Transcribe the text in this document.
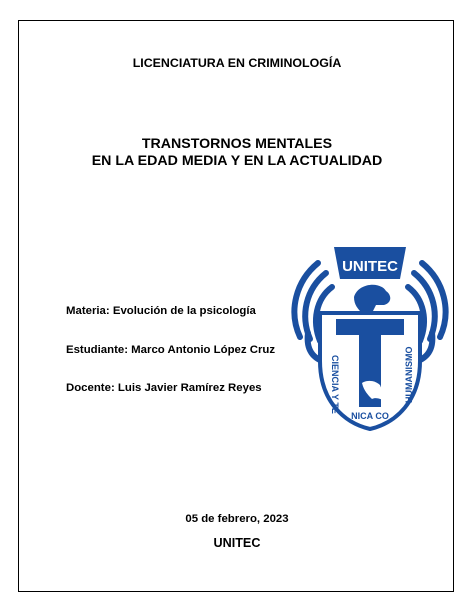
LICENCIATURA EN CRIMINOLOGÍA
TRANSTORNOS MENTALES
EN LA EDAD MEDIA Y EN LA ACTUALIDAD
Materia: Evolución de la psicología
Estudiante: Marco Antonio López Cruz
Docente: Luis Javier Ramírez Reyes
UNITEC
CIENCIA Y TE	HUMANISMO
NICA CO
05 de febrero, 2023
UNITEC
